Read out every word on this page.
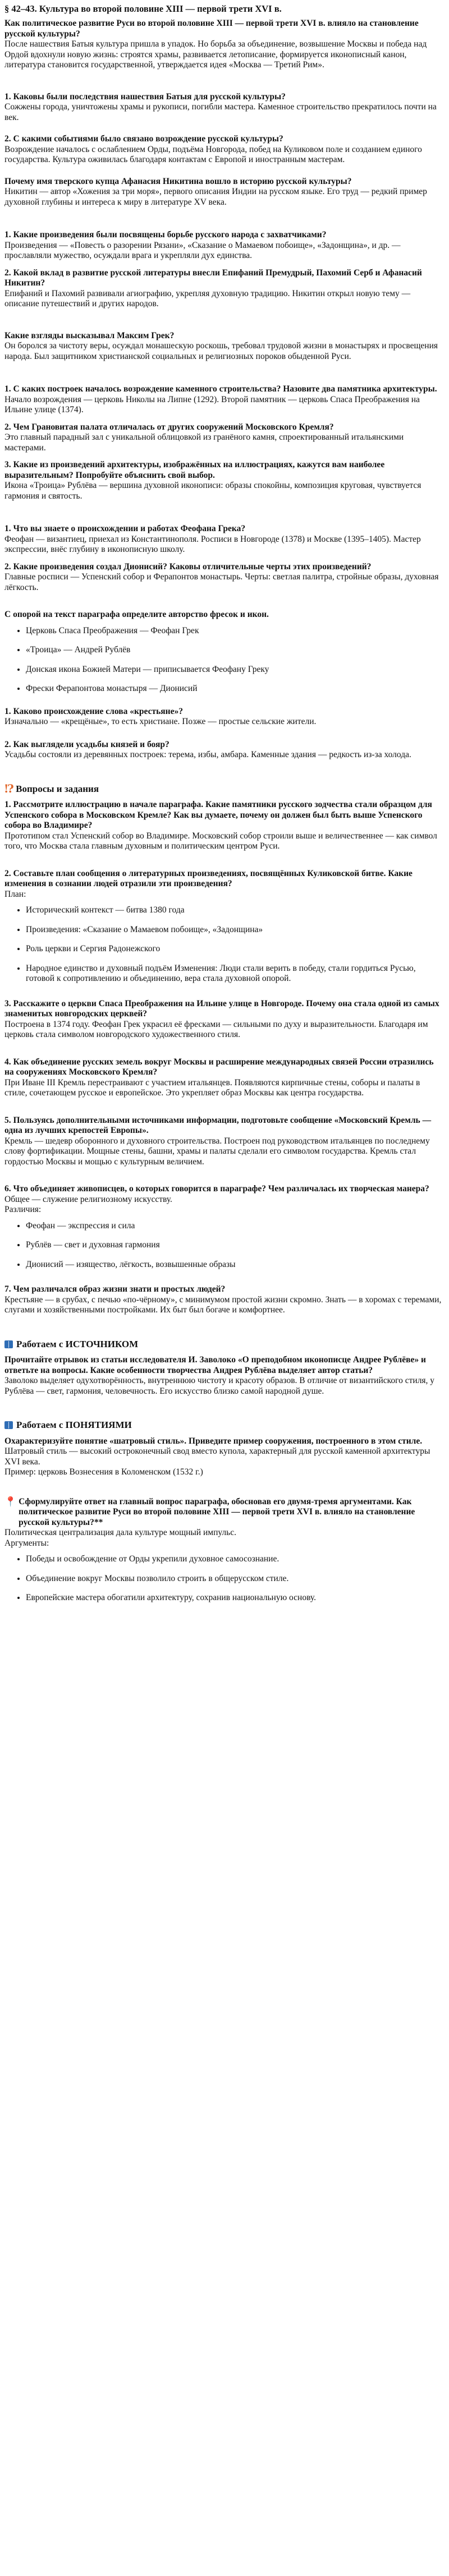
§ 42–43. Культура во второй половине XIII — первой трети XVI в.

Как политическое развитие Руси во второй половине XIII — первой трети XVI в. влияло на становление русской культуры?

После нашествия Батыя культура пришла в упадок. Но борьба за объединение, возвышение Москвы и победа над Ордой вдохнули новую жизнь: строятся храмы, развивается летописание, формируется иконописный канон, литература становится государственной, утверждается идея «Москва — Третий Рим».

1. Каковы были последствия нашествия Батыя для русской культуры?

Сожжены города, уничтожены храмы и рукописи, погибли мастера. Каменное строительство прекратилось почти на век.

2. С какими событиями было связано возрождение русской культуры?

Возрождение началось с ослаблением Орды, подъёма Новгорода, побед на Куликовом поле и созданием единого государства. Культура оживилась благодаря контактам с Европой и иностранным мастерам.

Почему имя тверского купца Афанасия Никитина вошло в историю русской культуры?

Никитин — автор «Хожения за три моря», первого описания Индии на русском языке. Его труд — редкий пример духовной глубины и интереса к миру в литературе XV века.

1. Какие произведения были посвящены борьбе русского народа с захватчиками?

Произведения — «Повесть о разорении Рязани», «Сказание о Мамаевом побоище», «Задонщина», и др. — прославляли мужество, осуждали врага и укрепляли дух единства.

2. Какой вклад в развитие русской литературы внесли Епифаний Премудрый, Пахомий Серб и Афанасий Никитин?

Епифаний и Пахомий развивали агиографию, укрепляя духовную традицию. Никитин открыл новую тему — описание путешествий и других народов.

Какие взгляды высказывал Максим Грек?

Он боролся за чистоту веры, осуждал монашескую роскошь, требовал трудовой жизни в монастырях и просвещения народа. Был защитником христианской социальных и религиозных пороков обыденной Руси.

1. С каких построек началось возрождение каменного строительства? Назовите два памятника архитектуры.

Начало возрождения — церковь Николы на Липне (1292). Второй памятник — церковь Спаса Преображения на Ильине улице (1374).

2. Чем Грановитая палата отличалась от других сооружений Московского Кремля?

Это главный парадный зал с уникальной облицовкой из гранёного камня, спроектированный итальянскими мастерами.

3. Какие из произведений архитектуры, изображённых на иллюстрациях, кажутся вам наиболее выразительным? Попробуйте объяснить свой выбор.

Икона «Троица» Рублёва — вершина духовной иконописи: образы спокойны, композиция круговая, чувствуется гармония и святость.

1. Что вы знаете о происхождении и работах Феофана Грека?

Феофан — византиец, приехал из Константинополя. Росписи в Новгороде (1378) и Москве (1395–1405). Мастер экспрессии, внёс глубину в иконописную школу.

2. Какие произведения создал Дионисий? Каковы отличительные черты этих произведений?

Главные росписи — Успенский собор и Ферапонтов монастырь. Черты: светлая палитра, стройные образы, духовная лёгкость.

С опорой на текст параграфа определите авторство фресок и икон.

• Церковь Спаса Преображения — Феофан Грек
• «Троица» — Андрей Рублёв
• Донская икона Божией Матери — приписывается Феофану Греку
• Фрески Ферапонтова монастыря — Дионисий

1. Каково происхождение слова «крестьяне»?

Изначально — «крещёные», то есть христиане. Позже — простые сельские жители.

2. Как выглядели усадьбы князей и бояр?

Усадьбы состояли из деревянных построек: терема, избы, амбара. Каменные здания — редкость из-за холода.

⁉ Вопросы и задания

1. Рассмотрите иллюстрацию в начале параграфа. Какие памятники русского зодчества стали образцом для Успенского собора в Московском Кремле? Как вы думаете, почему он должен был быть выше Успенского собора во Владимире?

Прототипом стал Успенский собор во Владимире. Московский собор строили выше и величественнее — как символ того, что Москва стала главным духовным и политическим центром Руси.

2. Составьте план сообщения о литературных произведениях, посвящённых Куликовской битве. Какие изменения в сознании людей отразили эти произведения?

План:

• Исторический контекст — битва 1380 года
• Произведения: «Сказание о Мамаевом побоище», «Задонщина»
• Роль церкви и Сергия Радонежского
• Народное единство и духовный подъём Изменения: Люди стали верить в победу, стали гордиться Русью, готовой к сопротивлению и объединению, вера стала духовной опорой.

3. Расскажите о церкви Спаса Преображения на Ильине улице в Новгороде. Почему она стала одной из самых знаменитых новгородских церквей?

Построена в 1374 году. Феофан Грек украсил её фресками — сильными по духу и выразительности. Благодаря им церковь стала символом новгородского художественного стиля.

4. Как объединение русских земель вокруг Москвы и расширение международных связей России отразились на сооружениях Московского Кремля?

При Иване III Кремль перестраивают с участием итальянцев. Появляются кирпичные стены, соборы и палаты в стиле, сочетающем русское и европейское. Это укрепляет образ Москвы как центра государства.

5. Пользуясь дополнительными источниками информации, подготовьте сообщение «Московский Кремль — одна из лучших крепостей Европы».

Кремль — шедевр оборонного и духовного строительства. Построен под руководством итальянцев по последнему слову фортификации. Мощные стены, башни, храмы и палаты сделали его символом государства. Кремль стал гордостью Москвы и мощью с культурным величием.

6. Что объединяет живописцев, о которых говорится в параграфе? Чем различалась их творческая манера?

Общее — служение религиозному искусству.

Различия:

• Феофан — экспрессия и сила
• Рублёв — свет и духовная гармония
• Дионисий — изящество, лёгкость, возвышенные образы

7. Чем различался образ жизни знати и простых людей?

Крестьяне — в срубах, с печью «по-чёрному», с минимумом простой жизни скромно. Знать — в хоромах с теремами, слугами и хозяйственными постройками. Их быт был богаче и комфортнее.

Работаем с ИСТОЧНИКОМ

Прочитайте отрывок из статьи исследователя И. Заволоко «О преподобном иконописце Андрее Рублёве» и ответьте на вопросы. Какие особенности творчества Андрея Рублёва выделяет автор статьи?

Заволоко выделяет одухотворённость, внутреннюю чистоту и красоту образов. В отличие от византийского стиля, у Рублёва — свет, гармония, человечность. Его искусство близко самой народной душе.

Работаем с ПОНЯТИЯМИ

Охарактеризуйте понятие «шатровый стиль». Приведите пример сооружения, построенного в этом стиле.

Шатровый стиль — высокий остроконечный свод вместо купола, характерный для русской каменной архитектуры XVI века.

Пример: церковь Вознесения в Коломенском (1532 г.)

📍 Сформулируйте ответ на главный вопрос параграфа, обосновав его двумя-тремя аргументами. Как политическое развитие Руси во второй половине XIII — первой трети XVI в. влияло на становление русской культуры?**

Политическая централизация дала культуре мощный импульс.

Аргументы:

• Победы и освобождение от Орды укрепили духовное самосознание.
• Объединение вокруг Москвы позволило строить в общерусском стиле.
• Европейские мастера обогатили архитектуру, сохранив национальную основу.
